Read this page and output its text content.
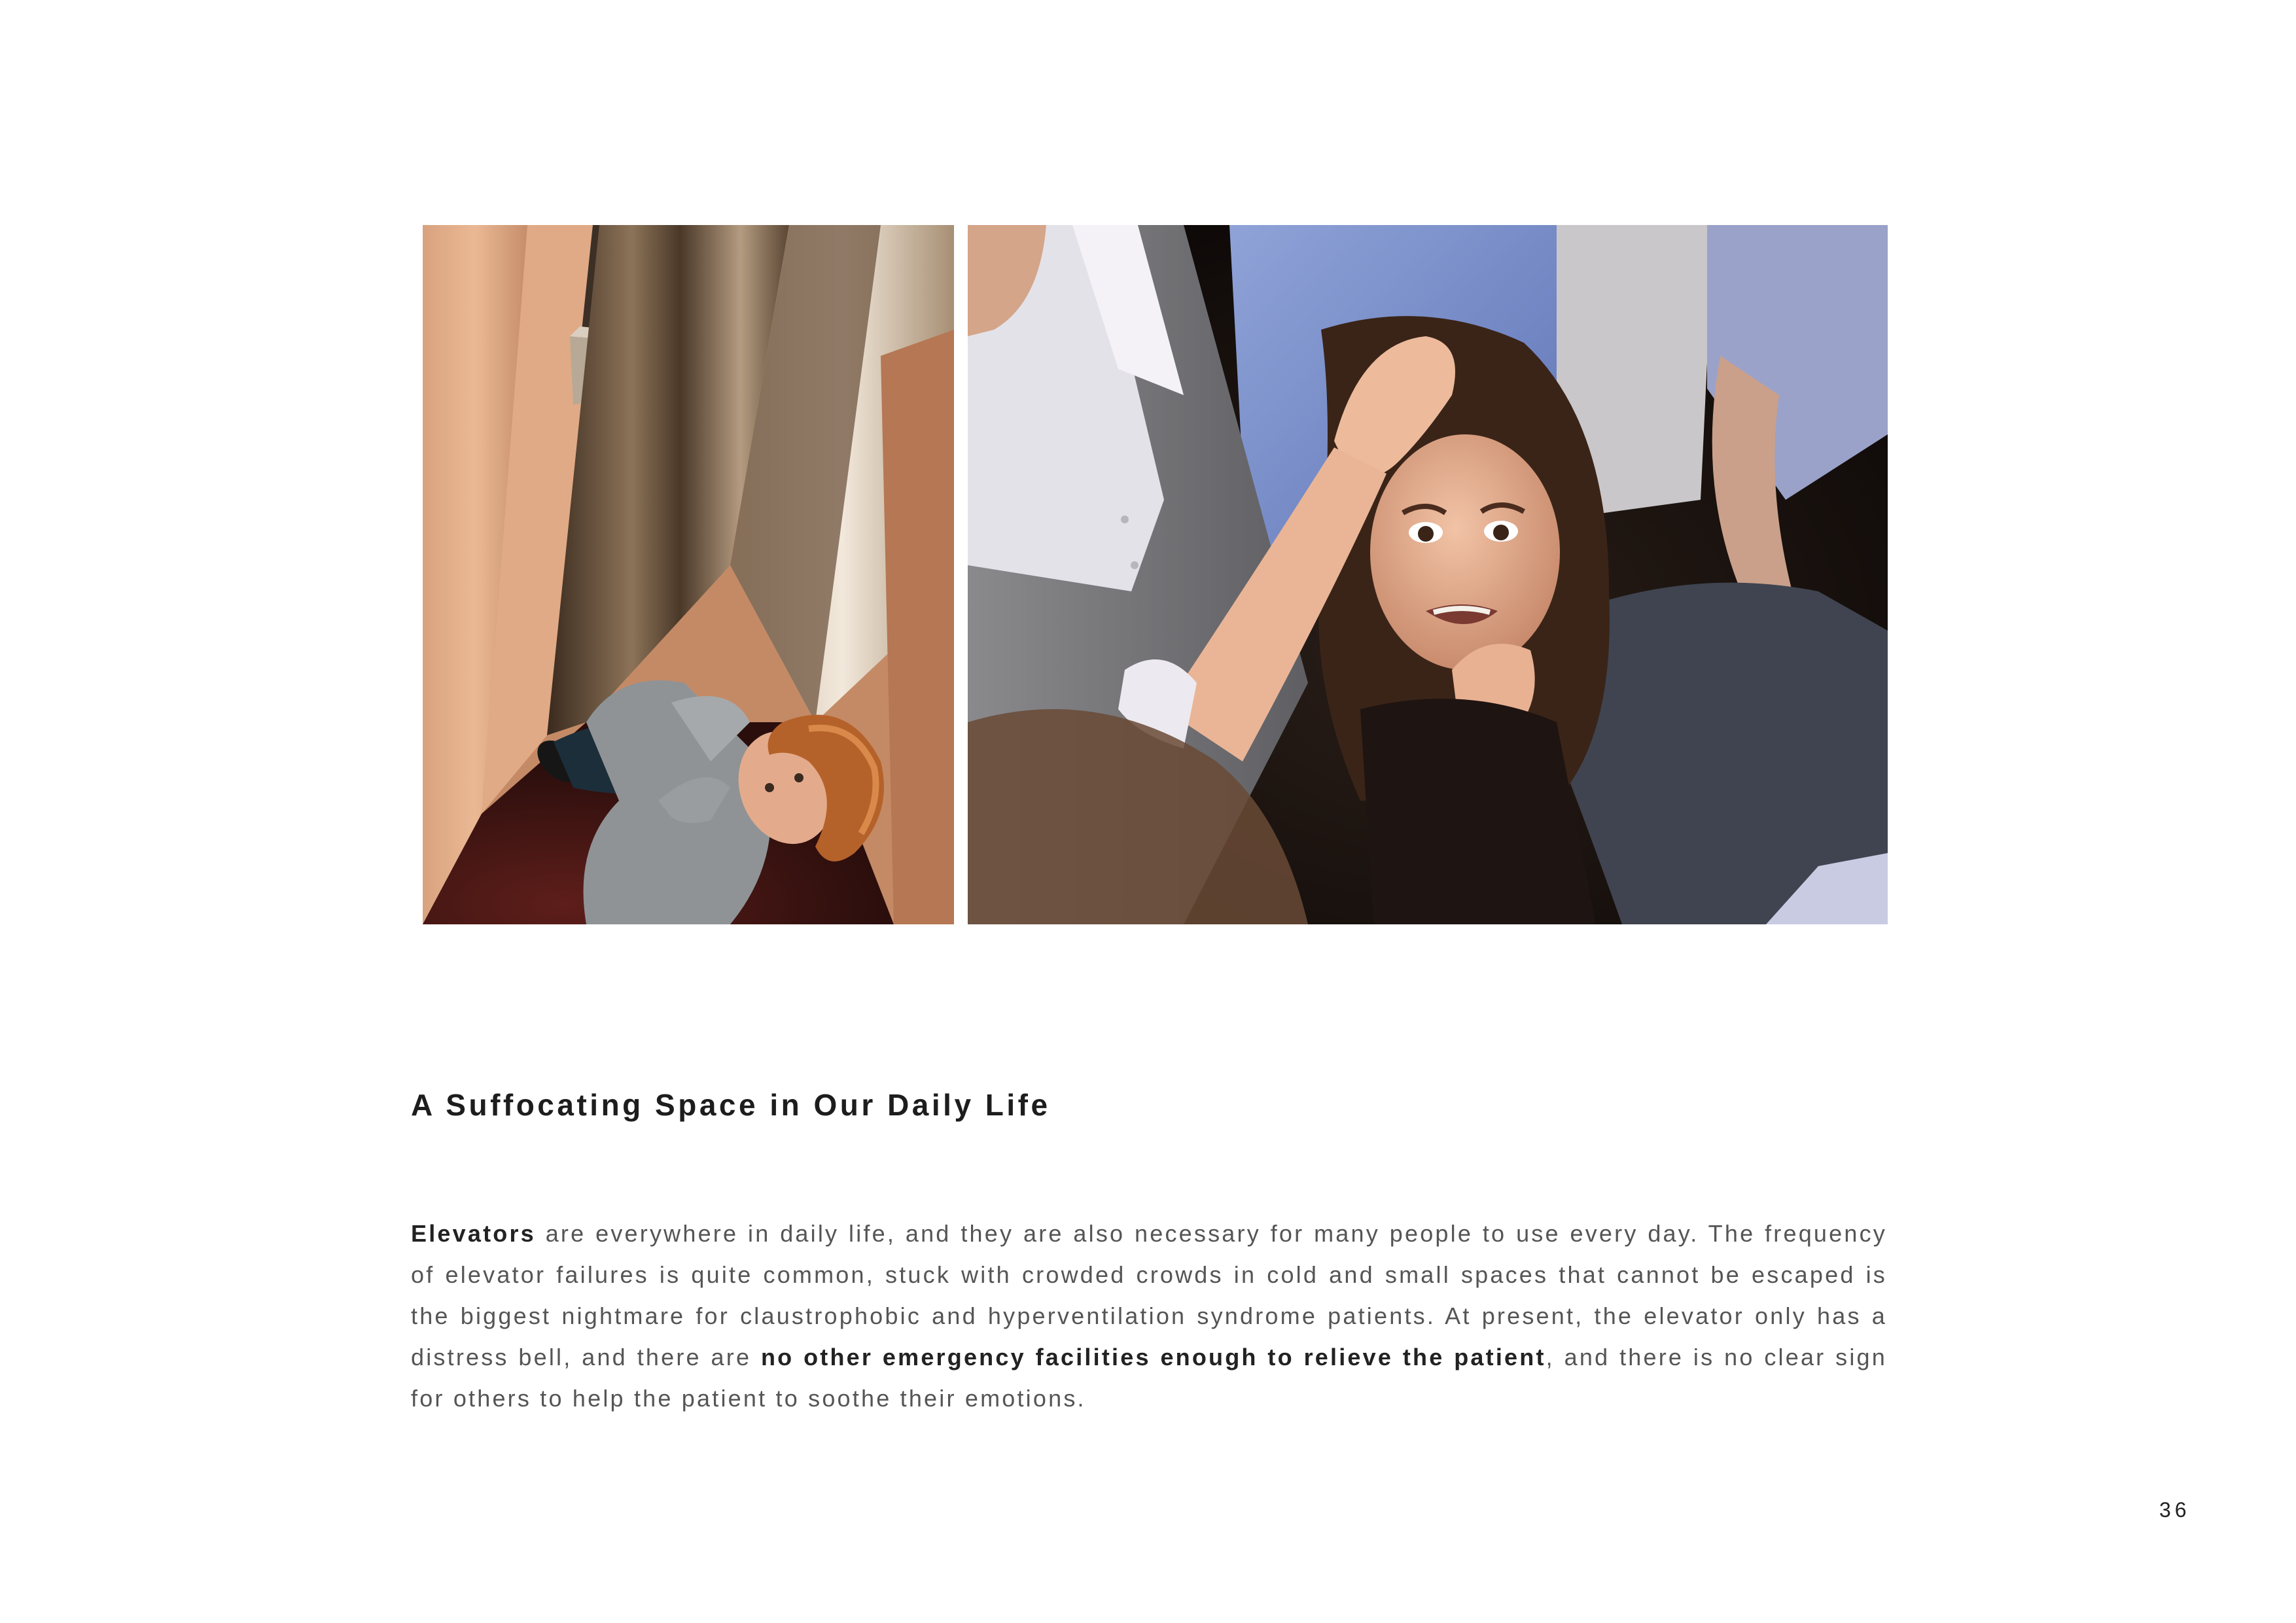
A Suffocating Space in Our Daily Life

Elevators are everywhere in daily life, and they are also necessary for many people to use every day. The frequency of elevator failures is quite common, stuck with crowded crowds in cold and small spaces that cannot be escaped is the biggest nightmare for claustrophobic and hyperventilation syndrome patients. At present, the elevator only has a distress bell, and there are no other emergency facilities enough to relieve the patient, and there is no clear sign for others to help the patient to soothe their emotions.

36
